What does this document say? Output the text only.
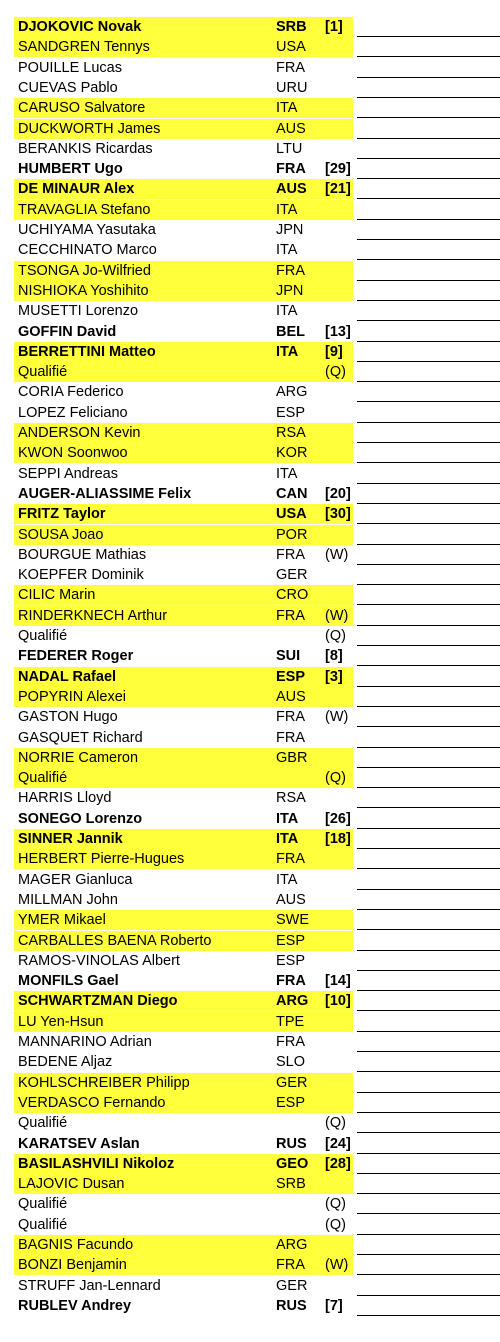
DJOKOVIC Novak	SRB [1]
SANDGREN Tennys	USA
POUILLE Lucas	FRA
CUEVAS Pablo	URU
CARUSO Salvatore	ITA
DUCKWORTH James	AUS
BERANKIS Ricardas	LTU
HUMBERT Ugo	FRA [29]
DE MINAUR Alex	AUS [21]
TRAVAGLIA Stefano	ITA
UCHIYAMA Yasutaka	JPN
CECCHINATO Marco	ITA
TSONGA Jo-Wilfried	FRA
NISHIOKA Yoshihito	JPN
MUSETTI Lorenzo	ITA
GOFFIN David	BEL [13]
BERRETTINI Matteo	ITA [9]
Qualifié	(Q)
CORIA Federico	ARG
LOPEZ Feliciano	ESP
ANDERSON Kevin	RSA
KWON Soonwoo	KOR
SEPPI Andreas	ITA
AUGER-ALIASSIME Felix	CAN [20]
FRITZ Taylor	USA [30]
SOUSA Joao	POR
BOURGUE Mathias	FRA (W)
KOEPFER Dominik	GER
CILIC Marin	CRO
RINDERKNECH Arthur	FRA (W)
Qualifié	(Q)
FEDERER Roger	SUI [8]
NADAL Rafael	ESP [3]
POPYRIN Alexei	AUS
GASTON Hugo	FRA (W)
GASQUET Richard	FRA
NORRIE Cameron	GBR
Qualifié	(Q)
HARRIS Lloyd	RSA
SONEGO Lorenzo	ITA [26]
SINNER Jannik	ITA [18]
HERBERT Pierre-Hugues	FRA
MAGER Gianluca	ITA
MILLMAN John	AUS
YMER Mikael	SWE
CARBALLES BAENA Roberto	ESP
RAMOS-VINOLAS Albert	ESP
MONFILS Gael	FRA [14]
SCHWARTZMAN Diego	ARG [10]
LU Yen-Hsun	TPE
MANNARINO Adrian	FRA
BEDENE Aljaz	SLO
KOHLSCHREIBER Philipp	GER
VERDASCO Fernando	ESP
Qualifié	(Q)
KARATSEV Aslan	RUS [24]
BASILASHVILI Nikoloz	GEO [28]
LAJOVIC Dusan	SRB
Qualifié	(Q)
Qualifié	(Q)
BAGNIS Facundo	ARG
BONZI Benjamin	FRA (W)
STRUFF Jan-Lennard	GER
RUBLEV Andrey	RUS [7]
